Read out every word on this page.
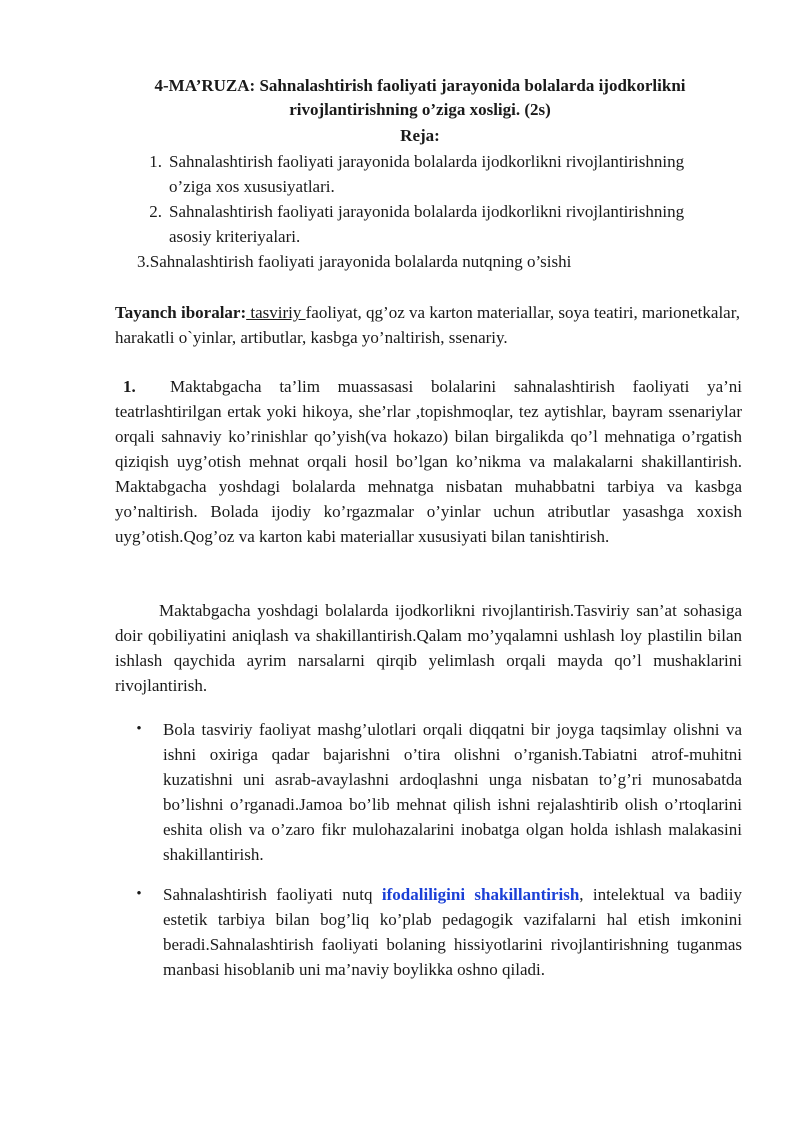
4-MA’RUZA: Sahnalashtirish faoliyati jarayonida bolalarda ijodkorlikni
rivojlantirishning o’ziga xosligi. (2s)
Reja:
1. Sahnalashtirish faoliyati jarayonida bolalarda ijodkorlikni rivojlantirishning
o’ziga xos xususiyatlari.
2. Sahnalashtirish faoliyati jarayonida bolalarda ijodkorlikni rivojlantirishning
asosiy kriteriyalari.
3.Sahnalashtirish faoliyati jarayonida bolalarda nutqning o’sishi

Tayanch iboralar: tasviriy faoliyat, qg’oz va karton materiallar, soya teatiri, marionetkalar, harakatli o`yinlar, artibutlar, kasbga yo’naltirish, ssenariy.

1. Maktabgacha ta’lim muassasasi bolalarini sahnalashtirish faoliyati ya’ni teatrlashtirilgan ertak yoki hikoya, she’rlar ,topishmoqlar, tez aytishlar, bayram ssenariylar orqali sahnaviy ko’rinishlar qo’yish(va hokazo) bilan birgalikda qo’l mehnatiga o’rgatish qiziqish uyg’otish mehnat orqali hosil bo’lgan ko’nikma va malakalarni shakillantirish. Maktabgacha yoshdagi bolalarda mehnatga nisbatan muhabbatni tarbiya va kasbga yo’naltirish. Bolada ijodiy ko’rgazmalar o’yinlar uchun atributlar yasashga xoxish uyg’otish.Qog’oz va karton kabi materiallar xususiyati bilan tanishtirish.

Maktabgacha yoshdagi bolalarda ijodkorlikni rivojlantirish.Tasviriy san’at sohasiga doir qobiliyatini aniqlash va shakillantirish.Qalam mo’yqalamni ushlash loy plastilin bilan ishlash qaychida ayrim narsalarni qirqib yelimlash orqali mayda qo’l mushaklarini rivojlantirish.

•	Bola tasviriy faoliyat mashg’ulotlari orqali diqqatni bir joyga taqsimlay olishni va ishni oxiriga qadar bajarishni o’tira olishni o’rganish.Tabiatni atrof-muhitni kuzatishni uni asrab-avaylashni ardoqlashni unga nisbatan to’g’ri munosabatda bo’lishni o’rganadi.Jamoa bo’lib mehnat qilish ishni rejalashtirib olish o’rtoqlarini eshita olish va o’zaro fikr mulohazalarini inobatga olgan holda ishlash malakasini shakillantirish.
•	Sahnalashtirish faoliyati nutq ifodaliligini shakillantirish, intelektual va badiiy estetik tarbiya bilan bog’liq ko’plab pedagogik vazifalarni hal etish imkonini beradi.Sahnalashtirish faoliyati bolaning hissiyotlarini rivojlantirishning tuganmas manbasi hisoblanib uni ma’naviy boylikka oshno qiladi.
